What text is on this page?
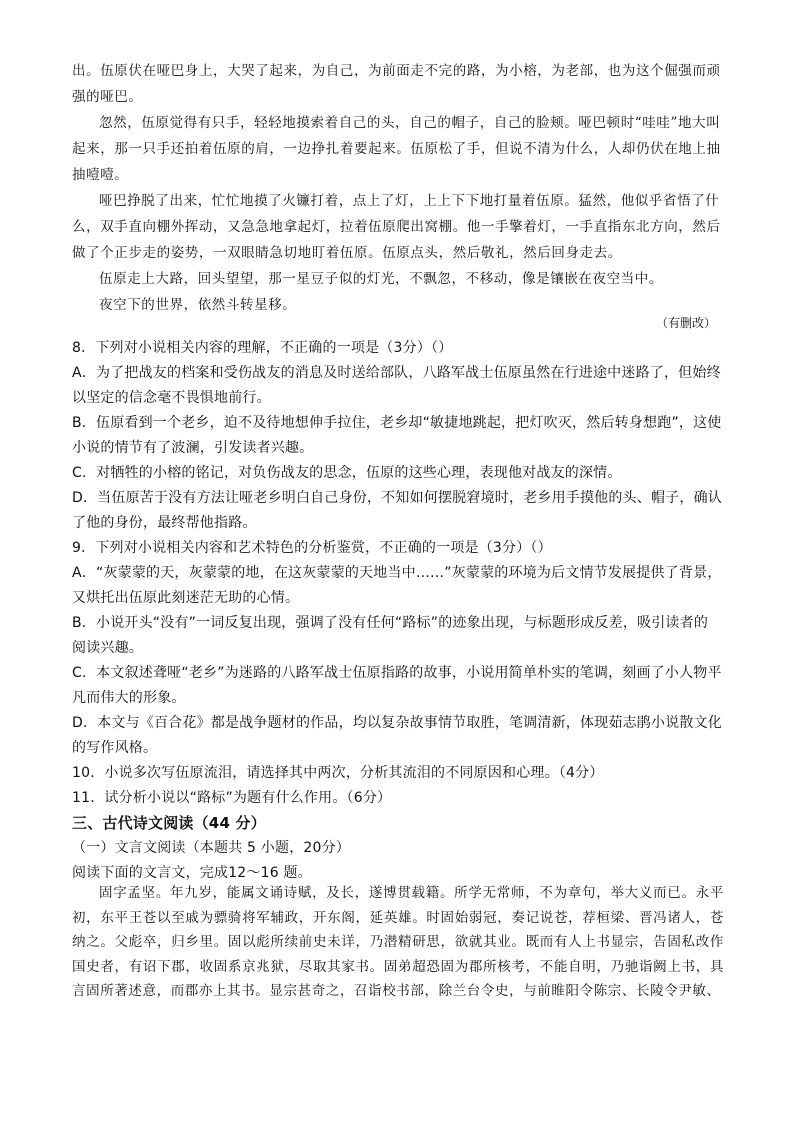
出。伍原伏在哑巴身上，大哭了起来，为自己，为前面走不完的路，为小榕，为老部，也为这个倔强而顽强的哑巴。

忽然，伍原觉得有只手，轻轻地摸索着自己的头，自己的帽子，自己的脸颊。哑巴顿时“哇哇”地大叫起来，那一只手还拍着伍原的肩，一边挣扎着要起来。伍原松了手，但说不清为什么，人却仍伏在地上抽抽噎噎。

哑巴挣脱了出来，忙忙地摸了火镰打着，点上了灯，上上下下地打量着伍原。猛然，他似乎省悟了什么，双手直向棚外挥动，又急急地拿起灯，拉着伍原爬出窝棚。他一手擎着灯，一手直指东北方向，然后做了个正步走的姿势，一双眼睛急切地盯着伍原。伍原点头，然后敬礼，然后回身走去。

伍原走上大路，回头望望，那一星豆子似的灯光，不飘忽，不移动，像是镶嵌在夜空当中。

夜空下的世界，依然斗转星移。

（有删改）

8．下列对小说相关内容的理解，不正确的一项是（3分）（）

A．为了把战友的档案和受伤战友的消息及时送给部队，八路军战士伍原虽然在行进途中迷路了，但始终以坚定的信念毫不畏惧地前行。

B．伍原看到一个老乡，迫不及待地想伸手拉住，老乡却“敏捷地跳起，把灯吹灭，然后转身想跑”，这使小说的情节有了波澜，引发读者兴趣。

C．对牺牲的小榕的铭记，对负伤战友的思念，伍原的这些心理，表现他对战友的深情。

D．当伍原苦于没有方法让哑老乡明白自己身份，不知如何摆脱窘境时，老乡用手摸他的头、帽子，确认了他的身份，最终帮他指路。

9．下列对小说相关内容和艺术特色的分析鉴赏，不正确的一项是（3分）（）

A．“灰蒙蒙的天，灰蒙蒙的地，在这灰蒙蒙的天地当中……”灰蒙蒙的环境为后文情节发展提供了背景，又烘托出伍原此刻迷茫无助的心情。

B．小说开头“没有”一词反复出现，强调了没有任何“路标”的迹象出现，与标题形成反差，吸引读者的阅读兴趣。

C．本文叙述聋哑“老乡”为迷路的八路军战士伍原指路的故事，小说用简单朴实的笔调，刻画了小人物平凡而伟大的形象。

D．本文与《百合花》都是战争题材的作品，均以复杂故事情节取胜，笔调清新，体现茹志鹃小说散文化的写作风格。

10．小说多次写伍原流泪，请选择其中两次，分析其流泪的不同原因和心理。（4分）

11．试分析小说以“路标”为题有什么作用。（6分）

三、古代诗文阅读（44 分）

（一）文言文阅读（本题共 5 小题，20分）

阅读下面的文言文，完成12～16 题。

固字孟坚。年九岁，能属文诵诗赋，及长，遂博贯载籍。所学无常师，不为章句，举大义而已。永平初，东平王苍以至戚为骠骑将军辅政，开东阁，延英雄。时固始弱冠，奏记说苍，荐桓梁、晋冯诸人，苍纳之。父彪卒，归乡里。固以彪所续前史未详，乃潜精研思，欲就其业。既而有人上书显宗，告固私改作国史者，有诏下郡，收固系京兆狱，尽取其家书。固弟超恐固为郡所核考，不能自明，乃驰诣阙上书，具言固所著述意，而郡亦上其书。显宗甚奇之，召诣校书部，除兰台令史，与前睢阳令陈宗、长陵令尹敏、
